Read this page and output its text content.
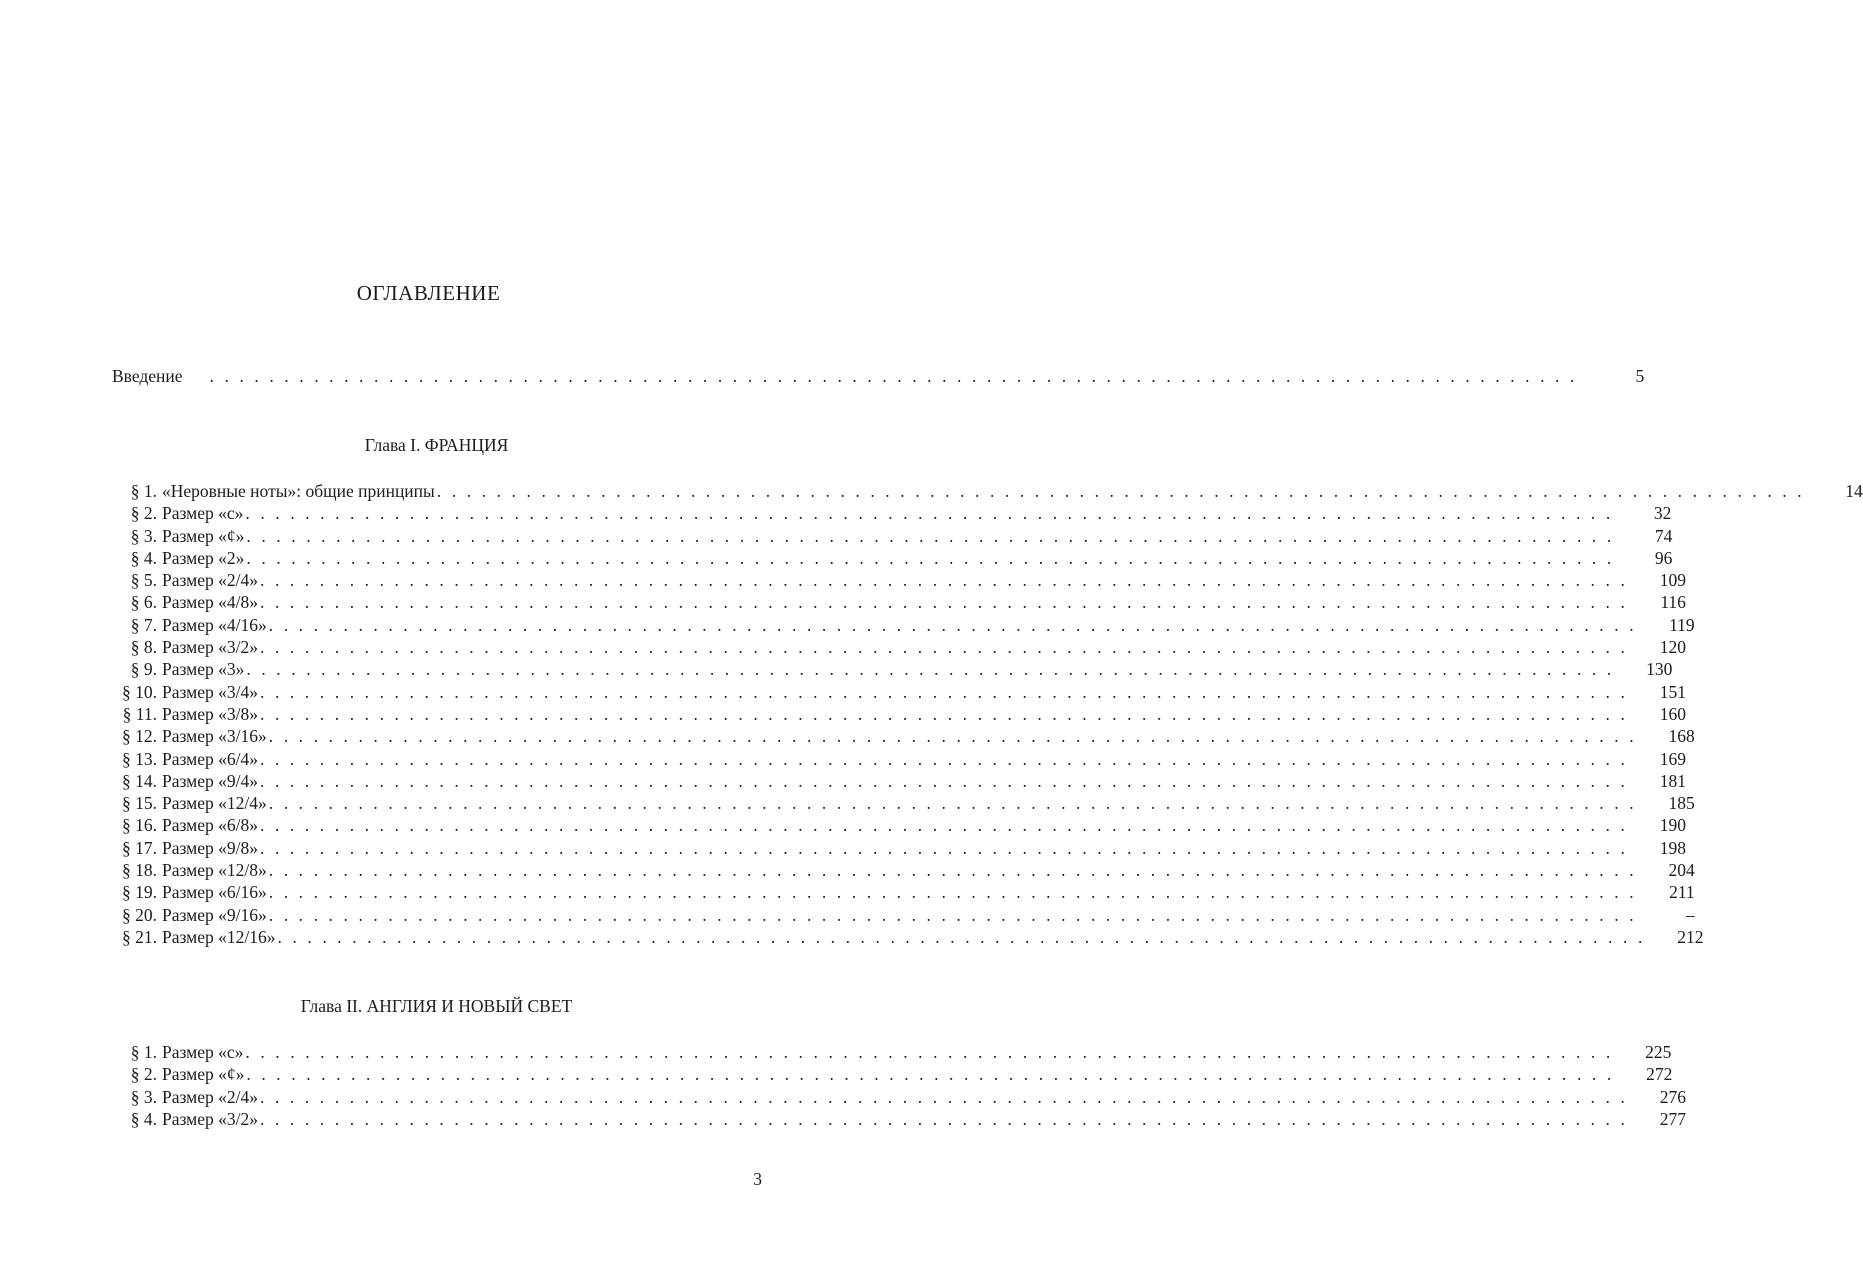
ОГЛАВЛЕНИЕ
Введение . . . . . . . . . . . . . . . . . . . . . . . . . . . . . . . . . . . . . . . . . . . . . . . . . . . . . . . . . . . . . . . . . . . . . . . . . . . . . . . . . . . . . . . . . . . .	5
Глава I. ФРАНЦИЯ
§ 1. «Неровные ноты»: общие принципы . . . . . . . . . . . . . . . . . . . . . . . . . . . . . . . . . . . . . . . . . . . . . . . . . . . . . . . . . . . . . . . . . . . . . . . . . . . . . . . . . . . . . . . . . . . .	14
§ 2. Размер «c» . . . . . . . . . . . . . . . . . . . . . . . . . . . . . . . . . . . . . . . . . . . . . . . . . . . . . . . . . . . . . . . . . . . . . . . . . . . . . . . . . . . . . . . . . . . .	32
§ 3. Размер «¢» . . . . . . . . . . . . . . . . . . . . . . . . . . . . . . . . . . . . . . . . . . . . . . . . . . . . . . . . . . . . . . . . . . . . . . . . . . . . . . . . . . . . . . . . . . . .	74
§ 4. Размер «2» . . . . . . . . . . . . . . . . . . . . . . . . . . . . . . . . . . . . . . . . . . . . . . . . . . . . . . . . . . . . . . . . . . . . . . . . . . . . . . . . . . . . . . . . . . . .	96
§ 5. Размер «2/4» . . . . . . . . . . . . . . . . . . . . . . . . . . . . . . . . . . . . . . . . . . . . . . . . . . . . . . . . . . . . . . . . . . . . . . . . . . . . . . . . . . . . . . . . . . . . 109
§ 6. Размер «4/8» . . . . . . . . . . . . . . . . . . . . . . . . . . . . . . . . . . . . . . . . . . . . . . . . . . . . . . . . . . . . . . . . . . . . . . . . . . . . . . . . . . . . . . . . . . . . 116
§ 7. Размер «4/16» . . . . . . . . . . . . . . . . . . . . . . . . . . . . . . . . . . . . . . . . . . . . . . . . . . . . . . . . . . . . . . . . . . . . . . . . . . . . . . . . . . . . . . . . . . . . 119
§ 8. Размер «3/2» . . . . . . . . . . . . . . . . . . . . . . . . . . . . . . . . . . . . . . . . . . . . . . . . . . . . . . . . . . . . . . . . . . . . . . . . . . . . . . . . . . . . . . . . . . . . 120
§ 9. Размер «3» . . . . . . . . . . . . . . . . . . . . . . . . . . . . . . . . . . . . . . . . . . . . . . . . . . . . . . . . . . . . . . . . . . . . . . . . . . . . . . . . . . . . . . . . . . . . 130
§ 10. Размер «3/4» . . . . . . . . . . . . . . . . . . . . . . . . . . . . . . . . . . . . . . . . . . . . . . . . . . . . . . . . . . . . . . . . . . . . . . . . . . . . . . . . . . . . . . . . . . . . 151
§ 11. Размер «3/8» . . . . . . . . . . . . . . . . . . . . . . . . . . . . . . . . . . . . . . . . . . . . . . . . . . . . . . . . . . . . . . . . . . . . . . . . . . . . . . . . . . . . . . . . . . . . 160
§ 12. Размер «3/16» . . . . . . . . . . . . . . . . . . . . . . . . . . . . . . . . . . . . . . . . . . . . . . . . . . . . . . . . . . . . . . . . . . . . . . . . . . . . . . . . . . . . . . . . . . . . 168
§ 13. Размер «6/4» . . . . . . . . . . . . . . . . . . . . . . . . . . . . . . . . . . . . . . . . . . . . . . . . . . . . . . . . . . . . . . . . . . . . . . . . . . . . . . . . . . . . . . . . . . . . 169
§ 14. Размер «9/4» . . . . . . . . . . . . . . . . . . . . . . . . . . . . . . . . . . . . . . . . . . . . . . . . . . . . . . . . . . . . . . . . . . . . . . . . . . . . . . . . . . . . . . . . . . . . 181
§ 15. Размер «12/4» . . . . . . . . . . . . . . . . . . . . . . . . . . . . . . . . . . . . . . . . . . . . . . . . . . . . . . . . . . . . . . . . . . . . . . . . . . . . . . . . . . . . . . . . . . . . 185
§ 16. Размер «6/8» . . . . . . . . . . . . . . . . . . . . . . . . . . . . . . . . . . . . . . . . . . . . . . . . . . . . . . . . . . . . . . . . . . . . . . . . . . . . . . . . . . . . . . . . . . . . 190
§ 17. Размер «9/8» . . . . . . . . . . . . . . . . . . . . . . . . . . . . . . . . . . . . . . . . . . . . . . . . . . . . . . . . . . . . . . . . . . . . . . . . . . . . . . . . . . . . . . . . . . . . 198
§ 18. Размер «12/8» . . . . . . . . . . . . . . . . . . . . . . . . . . . . . . . . . . . . . . . . . . . . . . . . . . . . . . . . . . . . . . . . . . . . . . . . . . . . . . . . . . . . . . . . . . . . 204
§ 19. Размер «6/16» . . . . . . . . . . . . . . . . . . . . . . . . . . . . . . . . . . . . . . . . . . . . . . . . . . . . . . . . . . . . . . . . . . . . . . . . . . . . . . . . . . . . . . . . . . . . 211
§ 20. Размер «9/16» . . . . . . . . . . . . . . . . . . . . . . . . . . . . . . . . . . . . . . . . . . . . . . . . . . . . . . . . . . . . . . . . . . . . . . . . . . . . . . . . . . . . . . . . . . . .	–
§ 21. Размер «12/16» . . . . . . . . . . . . . . . . . . . . . . . . . . . . . . . . . . . . . . . . . . . . . . . . . . . . . . . . . . . . . . . . . . . . . . . . . . . . . . . . . . . . . . . . . . . . 212
Глава II. АНГЛИЯ И НОВЫЙ СВЕТ
§ 1. Размер «c» . . . . . . . . . . . . . . . . . . . . . . . . . . . . . . . . . . . . . . . . . . . . . . . . . . . . . . . . . . . . . . . . . . . . . . . . . . . . . . . . . . . . . . . . . . . . 225
§ 2. Размер «¢» . . . . . . . . . . . . . . . . . . . . . . . . . . . . . . . . . . . . . . . . . . . . . . . . . . . . . . . . . . . . . . . . . . . . . . . . . . . . . . . . . . . . . . . . . . . . 272
§ 3. Размер «2/4» . . . . . . . . . . . . . . . . . . . . . . . . . . . . . . . . . . . . . . . . . . . . . . . . . . . . . . . . . . . . . . . . . . . . . . . . . . . . . . . . . . . . . . . . . . . . 276
§ 4. Размер «3/2» . . . . . . . . . . . . . . . . . . . . . . . . . . . . . . . . . . . . . . . . . . . . . . . . . . . . . . . . . . . . . . . . . . . . . . . . . . . . . . . . . . . . . . . . . . . . 277
3
